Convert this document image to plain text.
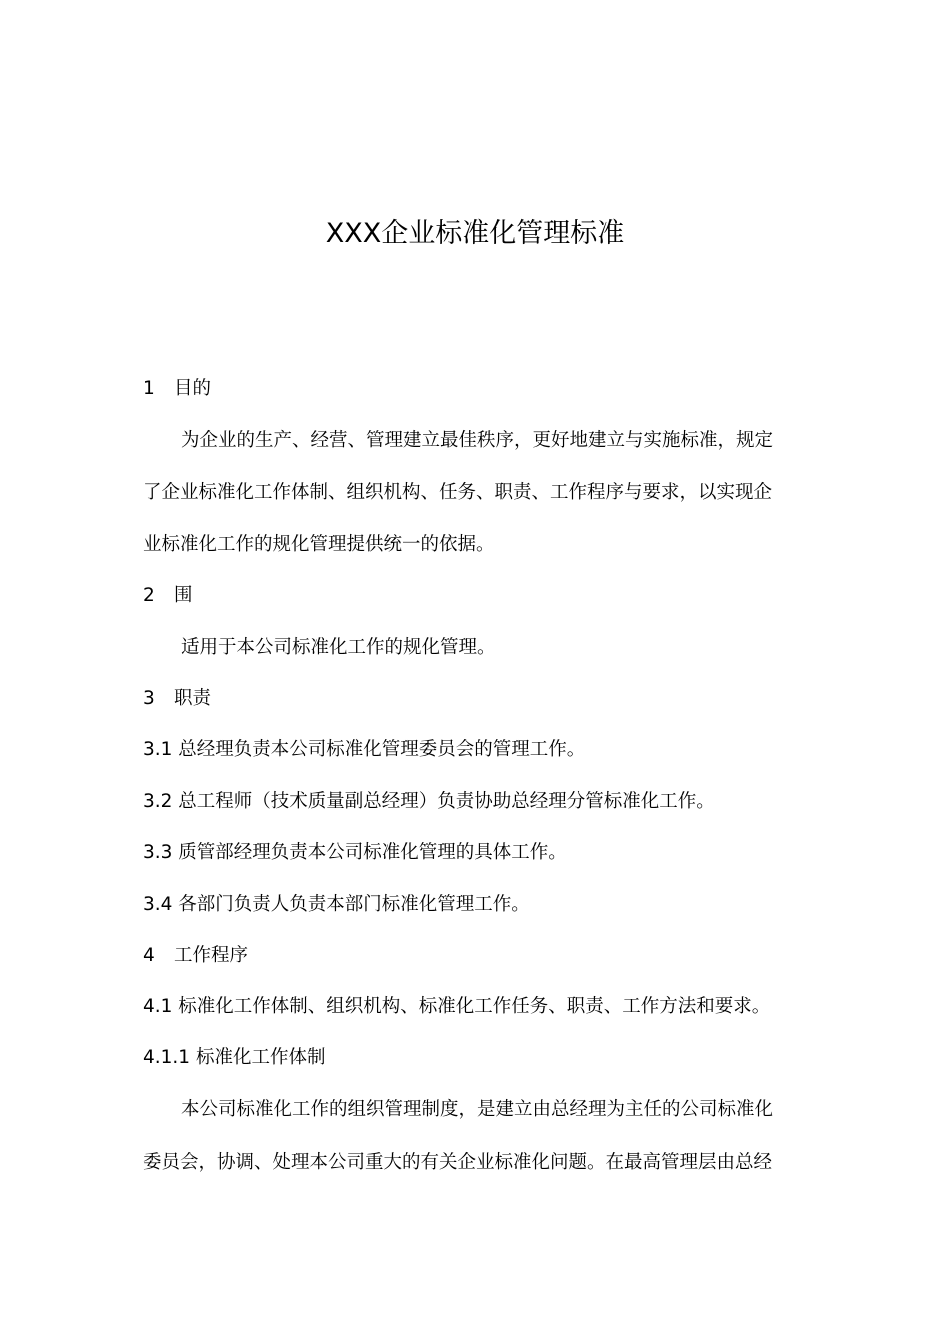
XXX企业标准化管理标准

1 目的

为企业的生产、经营、管理建立最佳秩序，更好地建立与实施标准，规定

了企业标准化工作体制、组织机构、任务、职责、工作程序与要求，以实现企

业标准化工作的规化管理提供统一的依据。

2 围

适用于本公司标准化工作的规化管理。

3 职责

3.1 总经理负责本公司标准化管理委员会的管理工作。

3.2 总工程师（技术质量副总经理）负责协助总经理分管标准化工作。

3.3 质管部经理负责本公司标准化管理的具体工作。

3.4 各部门负责人负责本部门标准化管理工作。

4 工作程序

4.1 标准化工作体制、组织机构、标准化工作任务、职责、工作方法和要求。

4.1.1 标准化工作体制

本公司标准化工作的组织管理制度，是建立由总经理为主任的公司标准化

委员会，协调、处理本公司重大的有关企业标准化问题。在最高管理层由总经
